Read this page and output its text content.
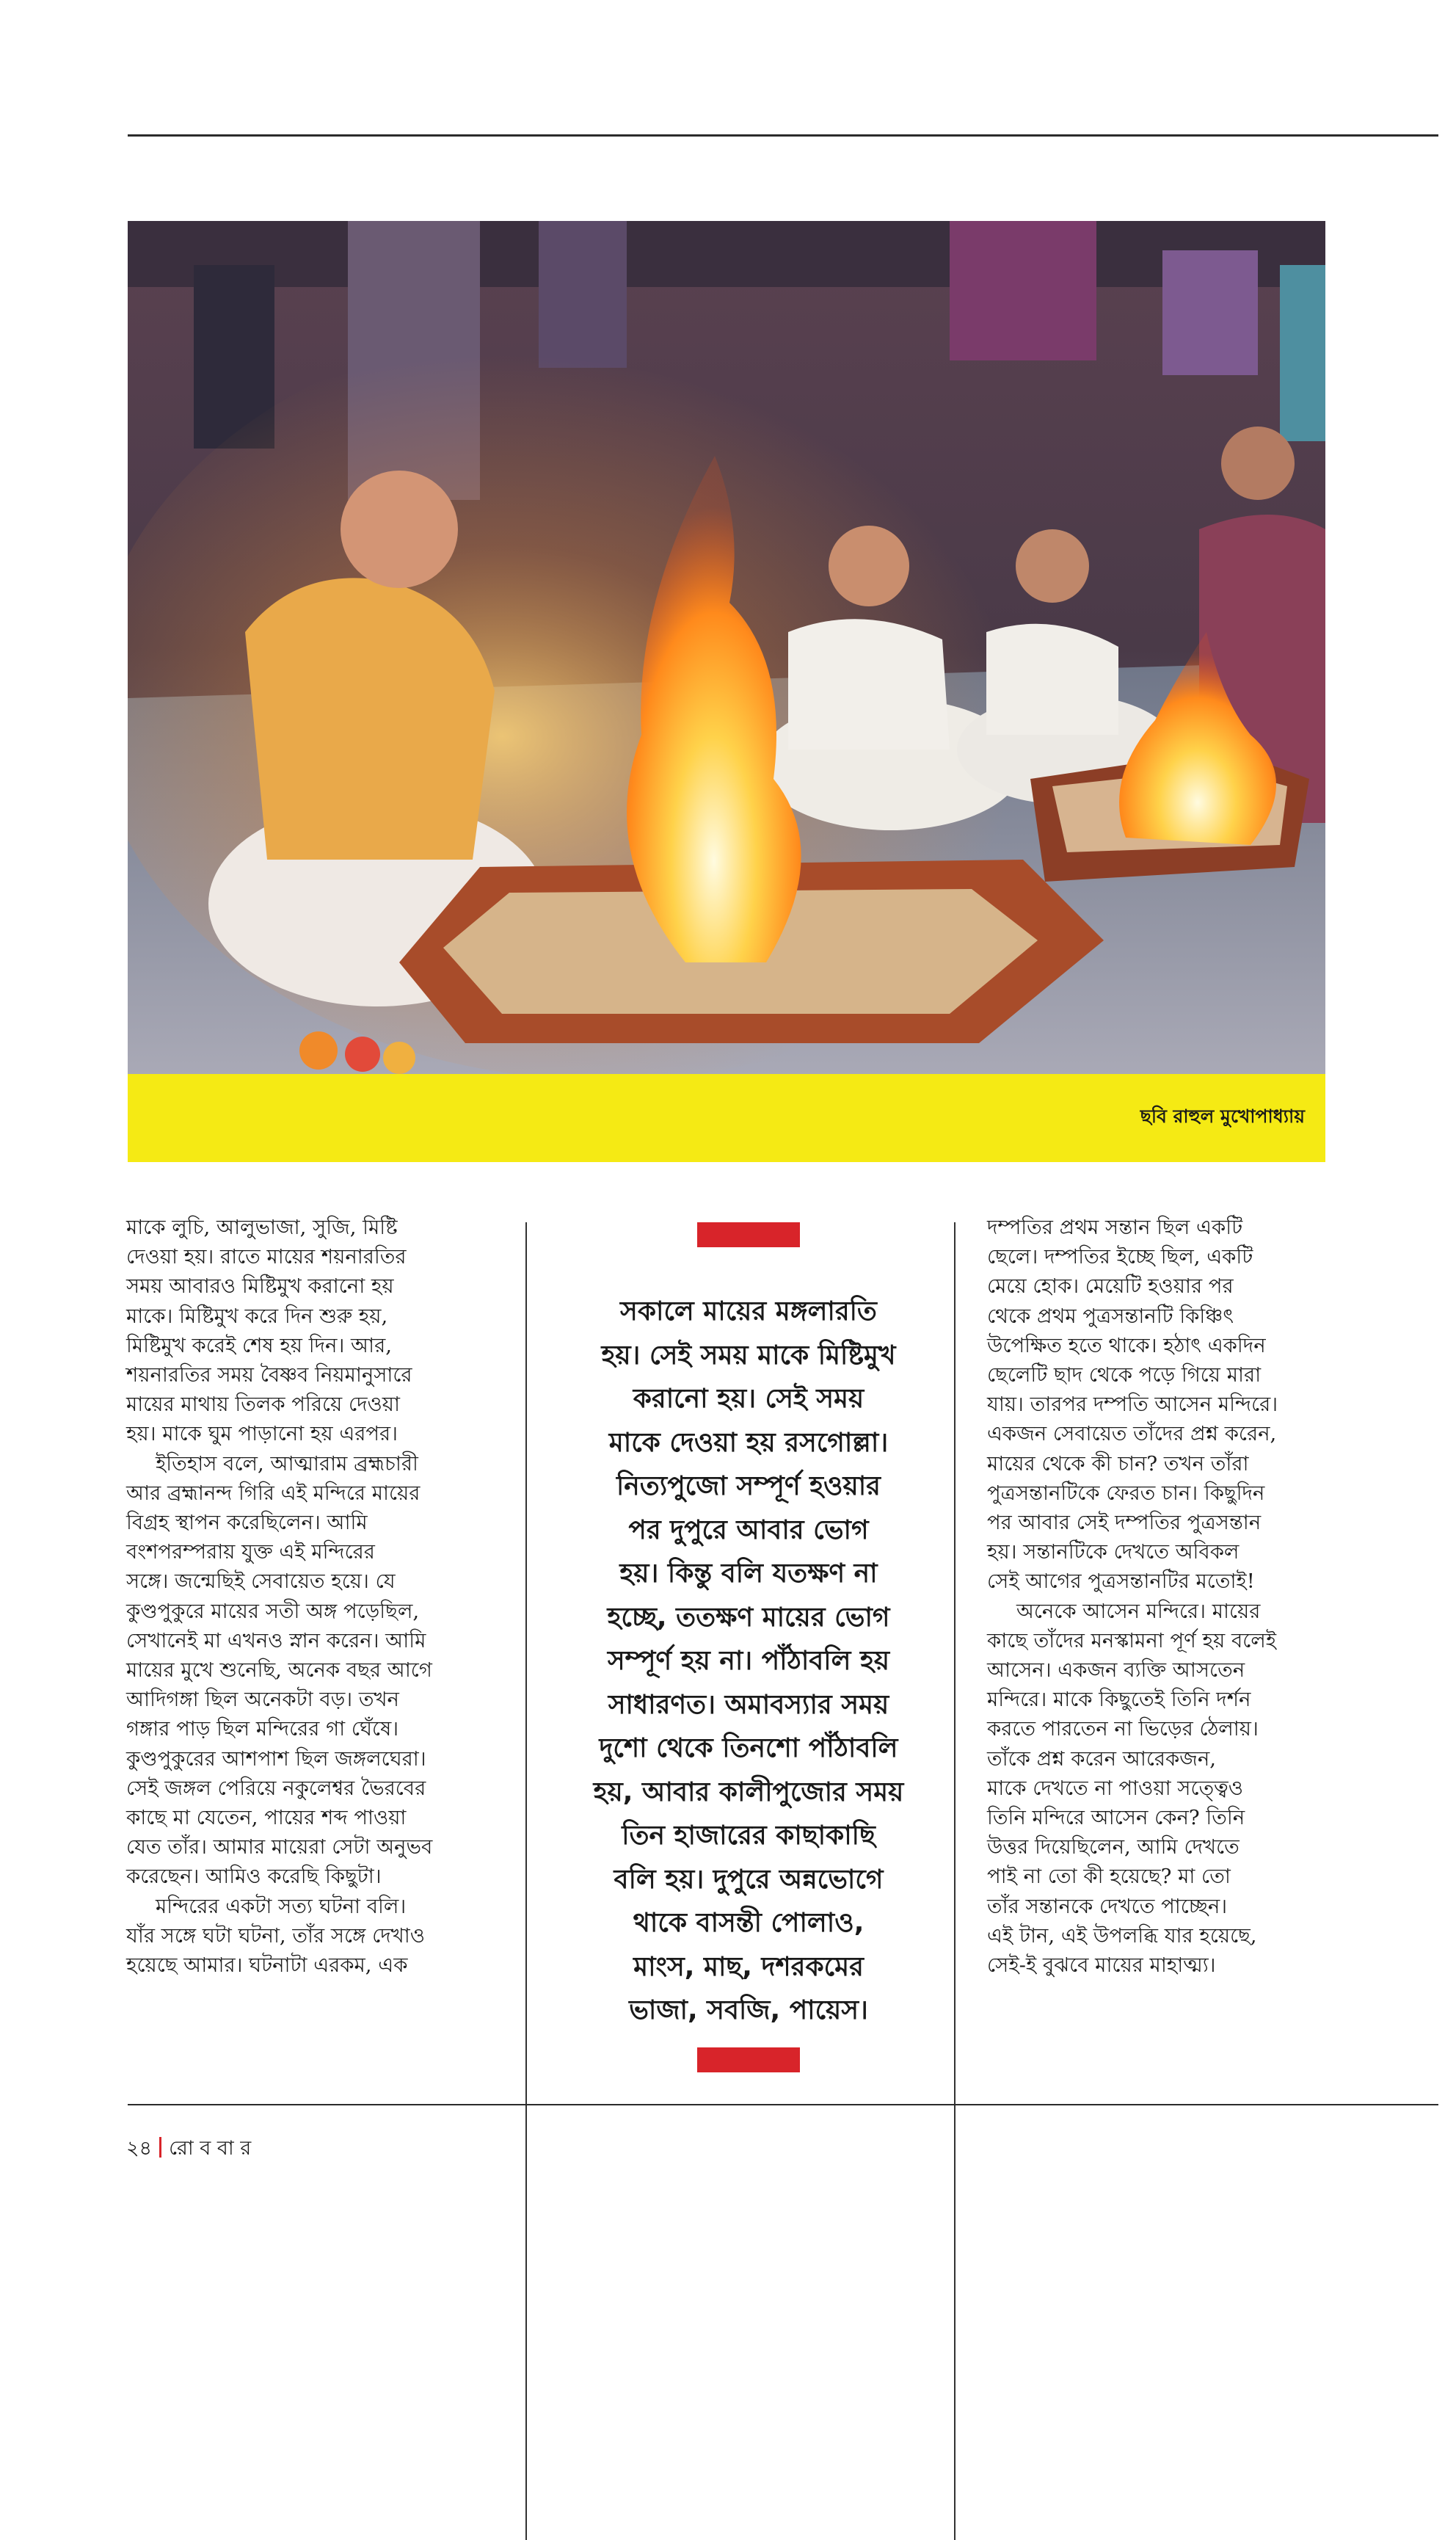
ছবি রাহুল মুখোপাধ্যায়

মাকে লুচি, আলুভাজা, সুজি, মিষ্টি
দেওয়া হয়। রাতে মায়ের শয়নারতির
সময় আবারও মিষ্টিমুখ করানো হয়
মাকে। মিষ্টিমুখ করে দিন শুরু হয়,
মিষ্টিমুখ করেই শেষ হয় দিন। আর,
শয়নারতির সময় বৈষ্ণব নিয়মানুসারে
মায়ের মাথায় তিলক পরিয়ে দেওয়া
হয়। মাকে ঘুম পাড়ানো হয় এরপর।

ইতিহাস বলে, আত্মারাম ব্রহ্মচারী
আর ব্রহ্মানন্দ গিরি এই মন্দিরে মায়ের
বিগ্রহ স্থাপন করেছিলেন। আমি
বংশপরম্পরায় যুক্ত এই মন্দিরের
সঙ্গে। জন্মেছিই সেবায়েত হয়ে। যে
কুণ্ডপুকুরে মায়ের সতী অঙ্গ পড়েছিল,
সেখানেই মা এখনও স্নান করেন। আমি
মায়ের মুখে শুনেছি, অনেক বছর আগে
আদিগঙ্গা ছিল অনেকটা বড়। তখন
গঙ্গার পাড় ছিল মন্দিরের গা ঘেঁষে।
কুণ্ডপুকুরের আশপাশ ছিল জঙ্গলঘেরা।
সেই জঙ্গল পেরিয়ে নকুলেশ্বর ভৈরবের
কাছে মা যেতেন, পায়ের শব্দ পাওয়া
যেত তাঁর। আমার মায়েরা সেটা অনুভব
করেছেন। আমিও করেছি কিছুটা।

মন্দিরের একটা সত্য ঘটনা বলি।
যাঁর সঙ্গে ঘটা ঘটনা, তাঁর সঙ্গে দেখাও
হয়েছে আমার। ঘটনাটা এরকম, এক

সকালে মায়ের মঙ্গলারতি
হয়। সেই সময় মাকে মিষ্টিমুখ
করানো হয়। সেই সময়
মাকে দেওয়া হয় রসগোল্লা।
নিত্যপুজো সম্পূর্ণ হওয়ার
পর দুপুরে আবার ভোগ
হয়। কিন্তু বলি যতক্ষণ না
হচ্ছে, ততক্ষণ মায়ের ভোগ
সম্পূর্ণ হয় না। পাঁঠাবলি হয়
সাধারণত। অমাবস্যার সময়
দুশো থেকে তিনশো পাঁঠাবলি
হয়, আবার কালীপুজোর সময়
তিন হাজারের কাছাকাছি
বলি হয়। দুপুরে অন্নভোগে
থাকে বাসন্তী পোলাও,
মাংস, মাছ, দশরকমের
ভাজা, সবজি, পায়েস।

দম্পতির প্রথম সন্তান ছিল একটি
ছেলে। দম্পতির ইচ্ছে ছিল, একটি
মেয়ে হোক। মেয়েটি হওয়ার পর
থেকে প্রথম পুত্রসন্তানটি কিঞ্চিৎ
উপেক্ষিত হতে থাকে। হঠাৎ একদিন
ছেলেটি ছাদ থেকে পড়ে গিয়ে মারা
যায়। তারপর দম্পতি আসেন মন্দিরে।
একজন সেবায়েত তাঁদের প্রশ্ন করেন,
মায়ের থেকে কী চান? তখন তাঁরা
পুত্রসন্তানটিকে ফেরত চান। কিছুদিন
পর আবার সেই দম্পতির পুত্রসন্তান
হয়। সন্তানটিকে দেখতে অবিকল
সেই আগের পুত্রসন্তানটির মতোই!

অনেকে আসেন মন্দিরে। মায়ের
কাছে তাঁদের মনস্কামনা পূর্ণ হয় বলেই
আসেন। একজন ব্যক্তি আসতেন
মন্দিরে। মাকে কিছুতেই তিনি দর্শন
করতে পারতেন না ভিড়ের ঠেলায়।
তাঁকে প্রশ্ন করেন আরেকজন,
মাকে দেখতে না পাওয়া সত্ত্বেও
তিনি মন্দিরে আসেন কেন? তিনি
উত্তর দিয়েছিলেন, আমি দেখতে
পাই না তো কী হয়েছে? মা তো
তাঁর সন্তানকে দেখতে পাচ্ছেন।
এই টান, এই উপলব্ধি যার হয়েছে,
সেই-ই বুঝবে মায়ের মাহাত্ম্য।

২৪ রো ব বা র
